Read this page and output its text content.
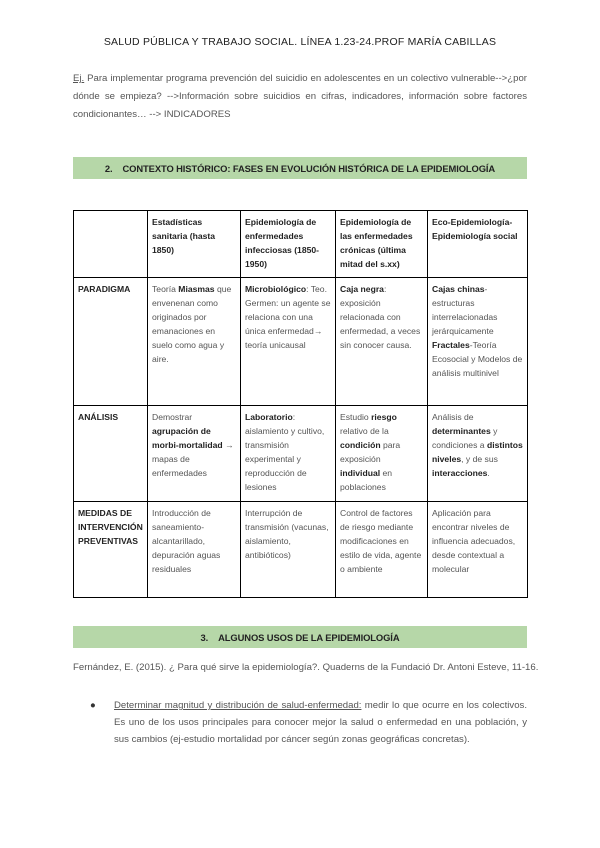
SALUD PÚBLICA Y TRABAJO SOCIAL. LÍNEA 1.23-24.PROF MARÍA CABILLAS
Ej. Para implementar programa prevención del suicidio en adolescentes en un colectivo vulnerable-->¿por dónde se empieza? -->Información sobre suicidios en cifras, indicadores, información sobre factores condicionantes… --> INDICADORES
2. CONTEXTO HISTÓRICO: FASES EN EVOLUCIÓN HISTÓRICA DE LA EPIDEMIOLOGÍA
	Estadísticas sanitaria (hasta 1850)	Epidemiología de enfermedades infecciosas (1850-1950)	Epidemiología de las enfermedades crónicas (última mitad del s.xx)	Eco-Epidemiología-Epidemiología social
PARADIGMA	Teoría Miasmas que envenenan como originados por emanaciones en suelo como agua y aire.	Microbiológico: Teo. Germen: un agente se relaciona con una única enfermedad→ teoría unicausal	Caja negra: exposición relacionada con enfermedad, a veces sin conocer causa.	Cajas chinas-estructuras interrelacionadas jerárquicamente Fractales-Teoría Ecosocial y Modelos de análisis multinivel
ANÁLISIS	Demostrar agrupación de morbi-mortalidad → mapas de enfermedades	Laboratorio: aislamiento y cultivo, transmisión experimental y reproducción de lesiones	Estudio riesgo relativo de la condición para exposición individual en poblaciones	Análisis de determinantes y condiciones a distintos niveles, y de sus interacciones.
MEDIDAS DE INTERVENCIÓN PREVENTIVAS	Introducción de saneamiento-alcantarillado, depuración aguas residuales	Interrupción de transmisión (vacunas, aislamiento, antibióticos)	Control de factores de riesgo mediante modificaciones en estilo de vida, agente o ambiente	Aplicación para encontrar niveles de influencia adecuados, desde contextual a molecular
3. ALGUNOS USOS DE LA EPIDEMIOLOGÍA
Fernández, E. (2015). ¿ Para qué sirve la epidemiología?. Quaderns de la Fundació Dr. Antoni Esteve, 11-16.
●	Determinar magnitud y distribución de salud-enfermedad: medir lo que ocurre en los colectivos. Es uno de los usos principales para conocer mejor la salud o enfermedad en una población, y sus cambios (ej-estudio mortalidad por cáncer según zonas geográficas concretas).
